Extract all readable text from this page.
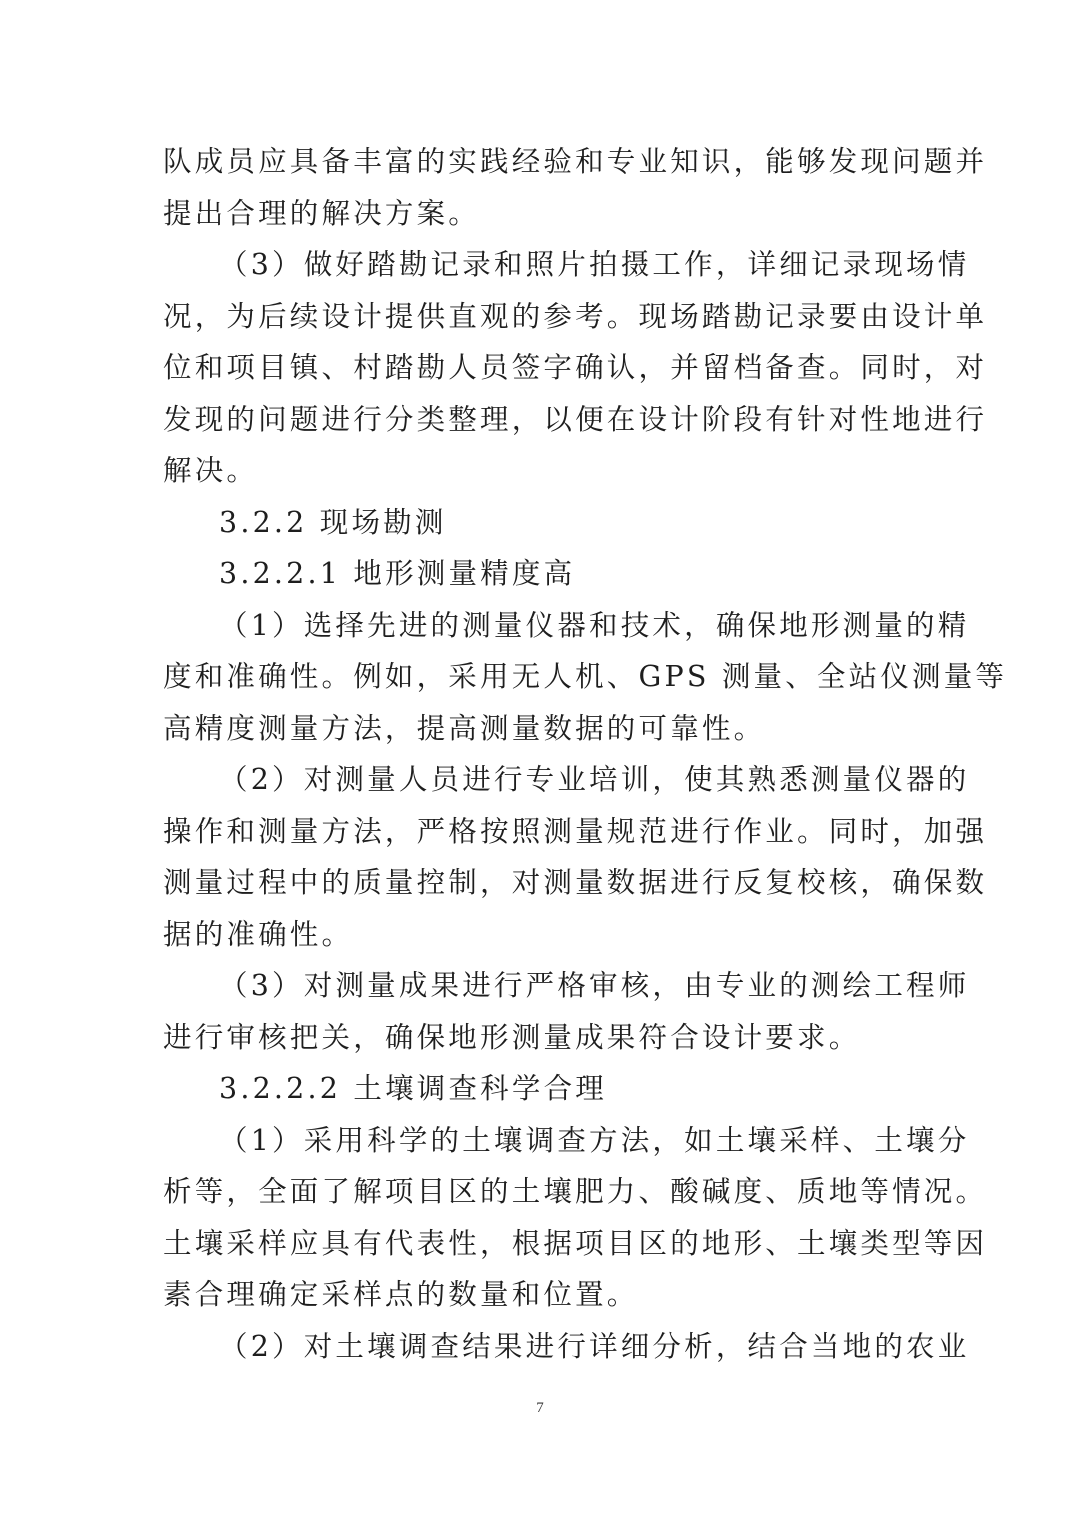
队成员应具备丰富的实践经验和专业知识，能够发现问题并
提出合理的解决方案。
（3）做好踏勘记录和照片拍摄工作，详细记录现场情
况，为后续设计提供直观的参考。现场踏勘记录要由设计单
位和项目镇、村踏勘人员签字确认，并留档备查。同时，对
发现的问题进行分类整理，以便在设计阶段有针对性地进行
解决。
3.2.2 现场勘测
3.2.2.1 地形测量精度高
（1）选择先进的测量仪器和技术，确保地形测量的精
度和准确性。例如，采用无人机、GPS 测量、全站仪测量等
高精度测量方法，提高测量数据的可靠性。
（2）对测量人员进行专业培训，使其熟悉测量仪器的
操作和测量方法，严格按照测量规范进行作业。同时，加强
测量过程中的质量控制，对测量数据进行反复校核，确保数
据的准确性。
（3）对测量成果进行严格审核，由专业的测绘工程师
进行审核把关，确保地形测量成果符合设计要求。
3.2.2.2 土壤调查科学合理
（1）采用科学的土壤调查方法，如土壤采样、土壤分
析等，全面了解项目区的土壤肥力、酸碱度、质地等情况。
土壤采样应具有代表性，根据项目区的地形、土壤类型等因
素合理确定采样点的数量和位置。
（2）对土壤调查结果进行详细分析，结合当地的农业
7
